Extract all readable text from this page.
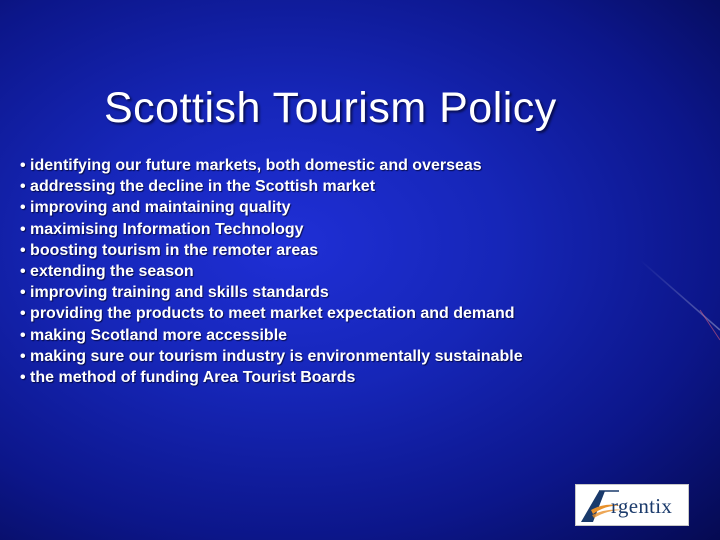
Scottish Tourism Policy
• identifying our future markets, both domestic and overseas
• addressing the decline in the Scottish market
• improving and maintaining quality
• maximising Information Technology
• boosting tourism in the remoter areas
• extending the season
• improving training and skills standards
• providing the products to meet market expectation and demand
• making Scotland more accessible
• making sure our tourism industry is environmentally sustainable
• the method of funding Area Tourist Boards
rgentix
